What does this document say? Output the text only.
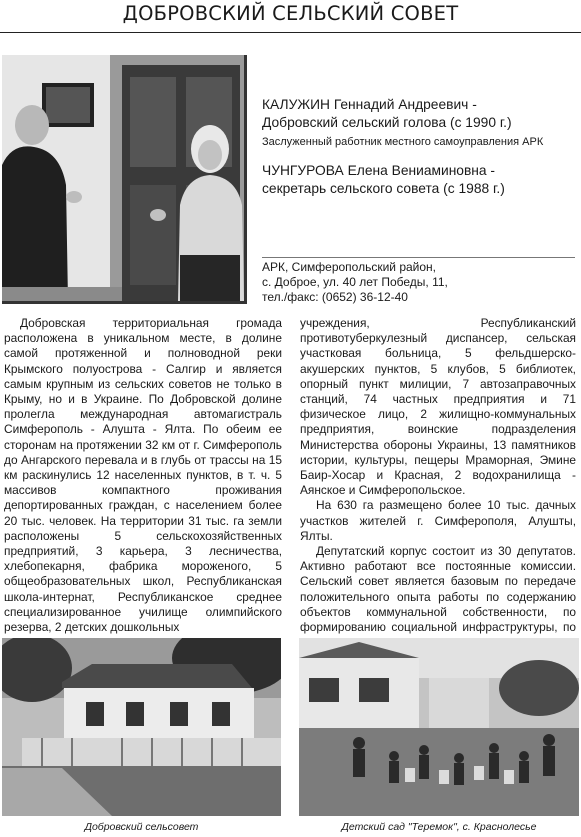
ДОБРОВСКИЙ СЕЛЬСКИЙ СОВЕТ
КАЛУЖИН Геннадий Андреевич -
Добровский сельский голова (с 1990 г.)
Заслуженный работник местного самоуправления АРК
ЧУНГУРОВА Елена Вениаминовна -
секретарь сельского совета (с 1988 г.)
АРК, Симферопольский район,
с. Доброе, ул. 40 лет Победы, 11,
тел./факс: (0652) 36-12-40

Добровская территориальная громада расположена в уникальном месте, в долине самой протяженной и полноводной реки Крымского полуострова - Салгир и является самым крупным из сельских советов не только в Крыму, но и в Украине. По Добровской долине пролегла международная автомагистраль Симферополь - Алушта - Ялта. По обеим ее сторонам на протяжении 32 км от г. Симферополь до Ангарского перевала и в глубь от трассы на 15 км раскинулись 12 населенных пунктов, в т. ч. 5 массивов компактного проживания депортированных граждан, с населением более 20 тыс. человек. На территории 31 тыс. га земли расположены 5 сельскохозяйственных предприятий, 3 карьера, 3 лесничества, хлебопекарня, фабрика мороженого, 5 общеобразовательных школ, Республиканская школа-интернат, Республиканское среднее специализированное училище олимпийского резерва, 2 детских дошкольных

учреждения, Республиканский противотуберкулезный диспансер, сельская участковая больница, 5 фельдшерско-акушерских пунктов, 5 клубов, 5 библиотек, опорный пункт милиции, 7 автозаправочных станций, 74 частных предприятия и 71 физическое лицо, 2 жилищно-коммунальных предприятия, воинские подразделения Министерства обороны Украины, 13 памятников истории, культуры, пещеры Мраморная, Эмине Баир-Хосар и Красная, 2 водохранилища - Аянское и Симферопольское.

На 630 га размещено более 10 тыс. дачных участков жителей г. Симферополя, Алушты, Ялты.

Депутатский корпус состоит из 30 депутатов. Активно работают все постоянные комиссии. Сельский совет является базовым по передаче положительного опыта работы по содержанию объектов коммунальной собственности, по формированию социальной инфраструктуры, по

Добровский сельсовет	Детский сад "Теремок", с. Краснолесье
